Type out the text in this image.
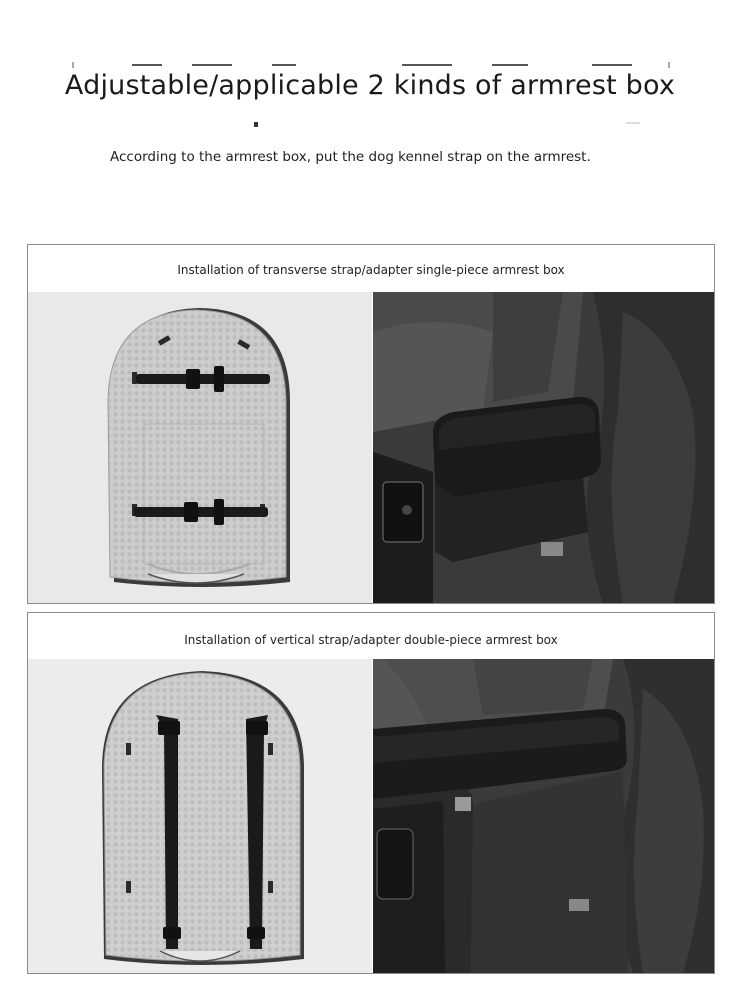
Adjustable/applicable 2 kinds of armrest box
According to the armrest box, put the dog kennel strap on the armrest.
Installation of transverse strap/adapter single-piece armrest box
Installation of vertical strap/adapter double-piece armrest box
